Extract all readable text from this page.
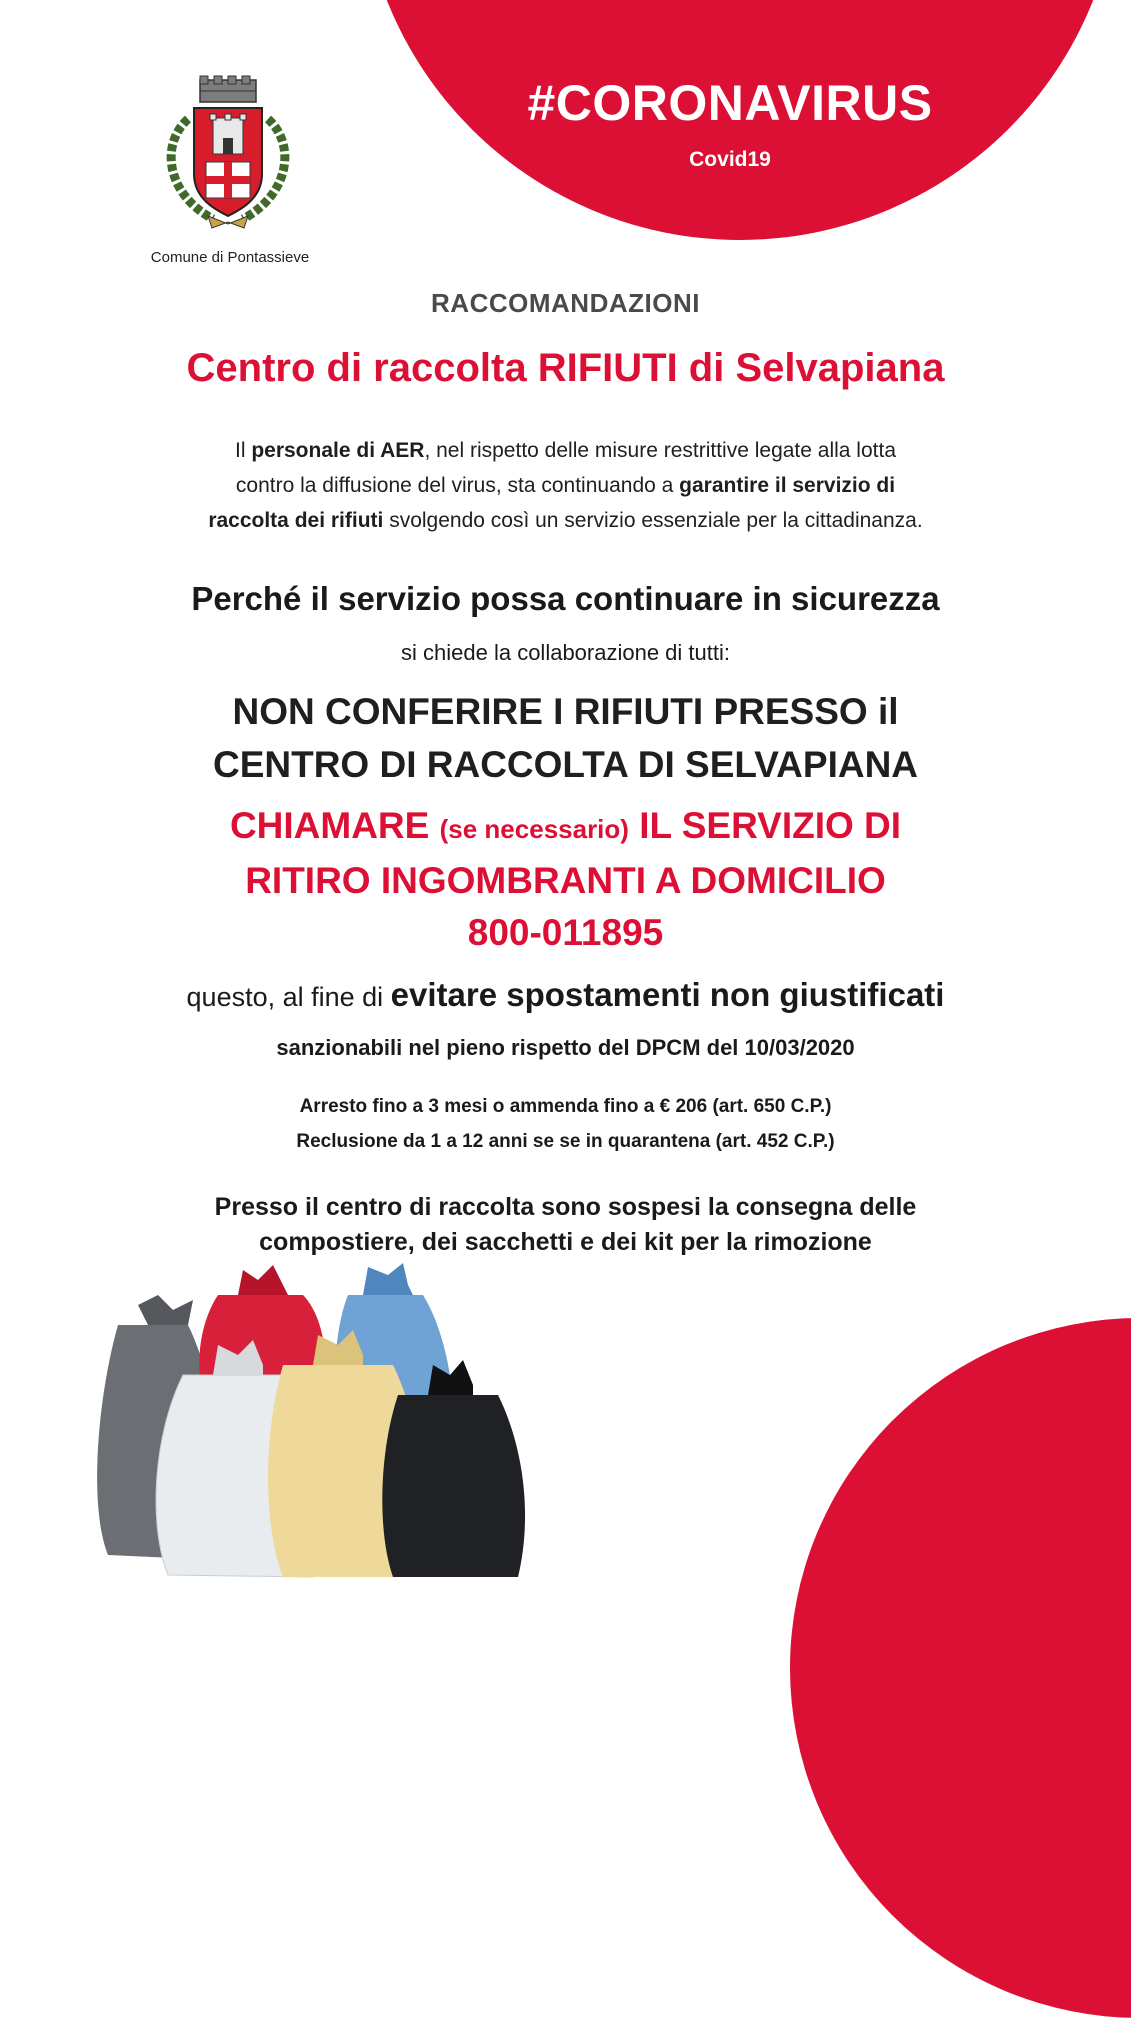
#CORONAVIRUS
Covid19
Comune di Pontassieve
RACCOMANDAZIONI
Centro di raccolta RIFIUTI di Selvapiana
Il personale di AER, nel rispetto delle misure restrittive legate alla lotta
contro la diffusione del virus, sta continuando a garantire il servizio di
raccolta dei rifiuti svolgendo così un servizio essenziale per la cittadinanza.
Perché il servizio possa continuare in sicurezza
si chiede la collaborazione di tutti:
NON CONFERIRE I RIFIUTI PRESSO il
CENTRO DI RACCOLTA DI SELVAPIANA
CHIAMARE (se necessario) IL SERVIZIO DI
RITIRO INGOMBRANTI A DOMICILIO
800-011895
questo, al fine di evitare spostamenti non giustificati
sanzionabili nel pieno rispetto del DPCM del 10/03/2020
Arresto fino a 3 mesi o ammenda fino a € 206 (art. 650 C.P.)
Reclusione da 1 a 12 anni se se in quarantena (art. 452 C.P.)
Presso il centro di raccolta sono sospesi la consegna delle
compostiere, dei sacchetti e dei kit per la rimozione
